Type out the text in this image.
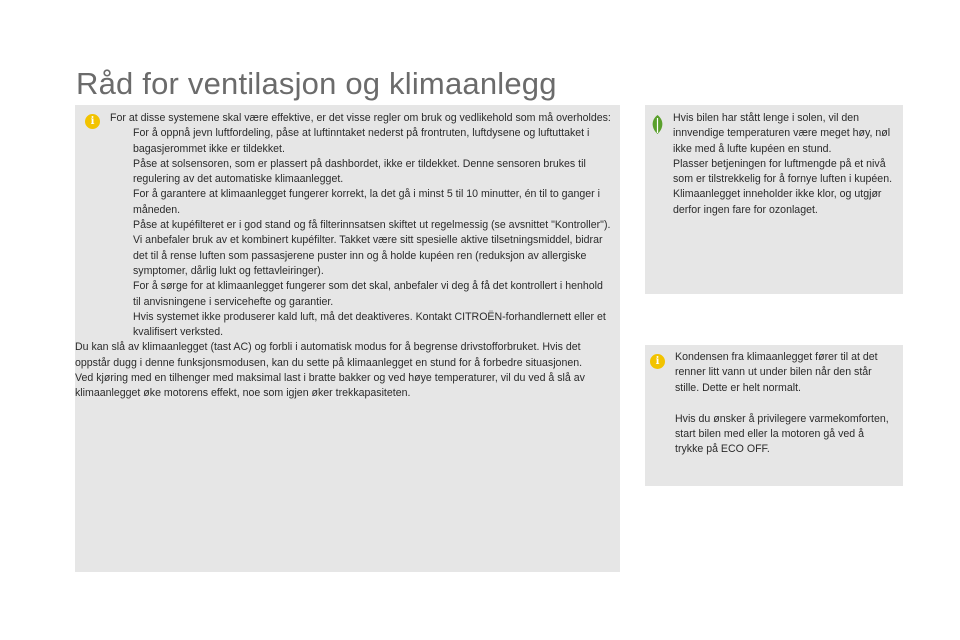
Råd for ventilasjon og klimaanlegg
i	For at disse systemene skal være effektive, er det visse regler om bruk og vedlikehold som må overholdes:

For å oppnå jevn luftfordeling, påse at luftinntaket nederst på frontruten, luftdysene og luftuttaket i bagasjerommet ikke er tildekket.

Påse at solsensoren, som er plassert på dashbordet, ikke er tildekket. Denne sensoren brukes til regulering av det automatiske klimaanlegget.

For å garantere at klimaanlegget fungerer korrekt, la det gå i minst 5 til 10 minutter, én til to ganger i måneden.

Påse at kupéfilteret er i god stand og få filterinnsatsen skiftet ut regelmessig (se avsnittet "Kontroller").
Vi anbefaler bruk av et kombinert kupéfilter. Takket være sitt spesielle aktive tilsetningsmiddel, bidrar det til å rense luften som passasjerene puster inn og å holde kupéen ren (reduksjon av allergiske symptomer, dårlig lukt og fettavleiringer).

For å sørge for at klimaanlegget fungerer som det skal, anbefaler vi deg å få det kontrollert i henhold til anvisningene i servicehefte og garantier.

Hvis systemet ikke produserer kald luft, må det deaktiveres. Kontakt CITROËN-forhandlernett eller et kvalifisert verksted.

Du kan slå av klimaanlegget (tast AC) og forbli i automatisk modus for å begrense drivstofforbruket. Hvis det oppstår dugg i denne funksjonsmodusen, kan du sette på klimaanlegget en stund for å forbedre situasjonen.

Ved kjøring med en tilhenger med maksimal last i bratte bakker og ved høye temperaturer, vil du ved å slå av klimaanlegget øke motorens effekt, noe som igjen øker trekkapasiteten.

Hvis bilen har stått lenge i solen, vil den innvendige temperaturen være meget høy, nøl ikke med å lufte kupéen en stund.

Plasser betjeningen for luftmengde på et nivå som er tilstrekkelig for å fornye luften i kupéen.

Klimaanlegget inneholder ikke klor, og utgjør derfor ingen fare for ozonlaget.

i	Kondensen fra klimaanlegget fører til at det renner litt vann ut under bilen når den står stille. Dette er helt normalt.

Hvis du ønsker å privilegere varmekomforten, start bilen med eller la motoren gå ved å trykke på ECO OFF.
